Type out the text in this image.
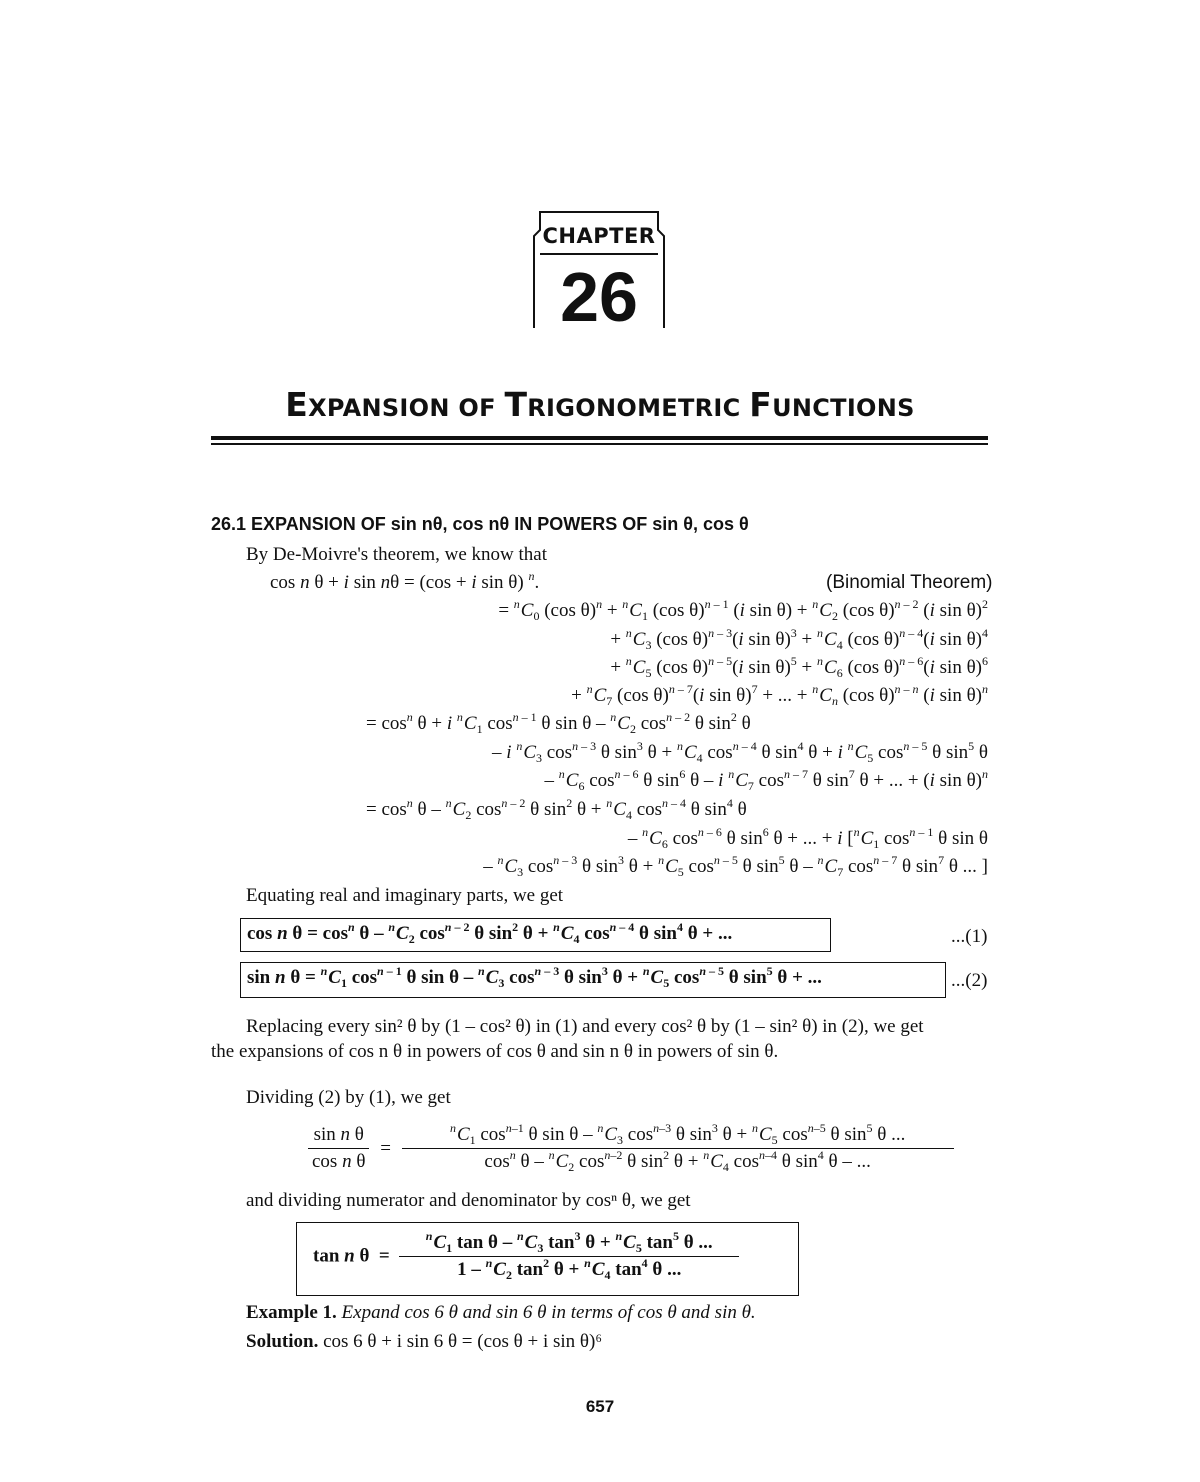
CHAPTER
26
EXPANSION OF TRIGONOMETRIC FUNCTIONS
26.1 EXPANSION OF sin nθ, cos nθ IN POWERS OF sin θ, cos θ
By De-Moivre's theorem, we know that
cos n θ + i sin nθ = (cos + i sin θ) $^n$.	(Binomial Theorem)
= $^nC_0$ (cos $\theta)^n + ^nC_1$ (cos θ)$^{n - 1}$ (i $\sin \theta) + ^nC_2$ (cos θ)$^{n - 2}$ (i sin θ)$^2$
+ $^nC_3$ (cos θ)$^{n - 3}$(i $\sin \theta)^3 + ^nC_4$ (cos θ)$^{n - 4}$(i sin θ)$^4$
+ $^nC_5$ (cos θ)$^{n - 5}$(i $\sin \theta)^5 + ^nC_6$ (cos θ)$^{n - 6}$(i sin θ)$^6$
+ $^nC_7$ (cos θ)$^{n - 7}$(i sin θ)$^7$ + ... + $^nC_n$ (cos θ)$^{n - n}$ (i sin θ)$^n$
= $\cos^n \theta + i$ $^nC_1$ $\cos^{n - 1} \theta$ sin θ – $^nC_2$ $\cos^{n - 2} \theta$ $\sin^2 \theta$
– i $^nC_3$ $\cos^{n - 3} \theta$ $\sin^3 \theta + ^nC_4$ $\cos^{n - 4} \theta$ $\sin^4 \theta + i$ $^nC_5$ $\cos^{n - 5} \theta$ $\sin^5 \theta$
– $^nC_6$ $\cos^{n - 6} \theta$ $\sin^6 \theta$ – i $^nC_7$ $\cos^{n - 7} \theta$ $\sin^7 \theta$ + ... + (i sin θ)$^n$
= $\cos^n \theta - ^nC_2$ $\cos^{n - 2} \theta$ $\sin^2 \theta + ^nC_4$ $\cos^{n - 4} \theta$ $\sin^4 \theta$
– $^nC_6$ $\cos^{n - 6} \theta$ $\sin^6 \theta$ + ... + i [$^nC_1$ $\cos^{n - 1} \theta$ sin θ
– $^nC_3$ $\cos^{n - 3} \theta$ $\sin^3 \theta + ^nC_5$ $\cos^{n - 5} \theta$ $\sin^5 \theta - ^nC_7$ $\cos^{n - 7} \theta$ $\sin^7 \theta$ ... ]
Equating real and imaginary parts, we get
cos n $\theta = \cos^n \theta - ^nC_2$ $\cos^{n - 2} \theta$ $\sin^2 \theta + ^nC_4$ $\cos^{n - 4} \theta$ $\sin^4 \theta$ + ...	...(1)
sin n $\theta = ^nC_1$ $\cos^{n - 1} \theta$ sin θ – $^nC_3$ $\cos^{n - 3} \theta$ $\sin^3 \theta + ^nC_5$ $\cos^{n - 5} \theta$ $\sin^5 \theta$ + ...	...(2)
Replacing every sin² θ by (1 – cos² θ) in (1) and every cos² θ by (1 – sin² θ) in (2), we get
the expansions of cos n θ in powers of cos θ and sin n θ in powers of sin θ.
Dividing (2) by (1), we get
$\frac{\text{sin n θ}}{\text{cos n θ}}$ =
$^nC_1$ $\cos^{n-1} \theta$ sin θ – $^nC_3$ $\cos^{n-3} \theta$ $\sin^3 \theta + ^nC_5$ $\cos^{n-5} \theta$ $\sin^5 \theta$ ...
$\cos^n \theta - ^nC_2$ $\cos^{n-2} \theta$ $\sin^2 \theta + ^nC_4$ $\cos^{n-4} \theta$ $\sin^4 \theta$ – ...
and dividing numerator and denominator by cosⁿ θ, we get
tan n $\theta = \frac{^nC_1 \tan \theta - ^nC_3 \tan^3 \theta + ^nC_5 \tan^5 \theta ...}{1 - ^nC_2 \tan^2 \theta + ^nC_4 \tan^4 \theta ...}$
Example 1. Expand cos 6 θ and sin 6 θ in terms of cos θ and sin θ.
Solution. cos 6 θ + i sin 6 θ = (cos θ + i sin θ)⁶
657
